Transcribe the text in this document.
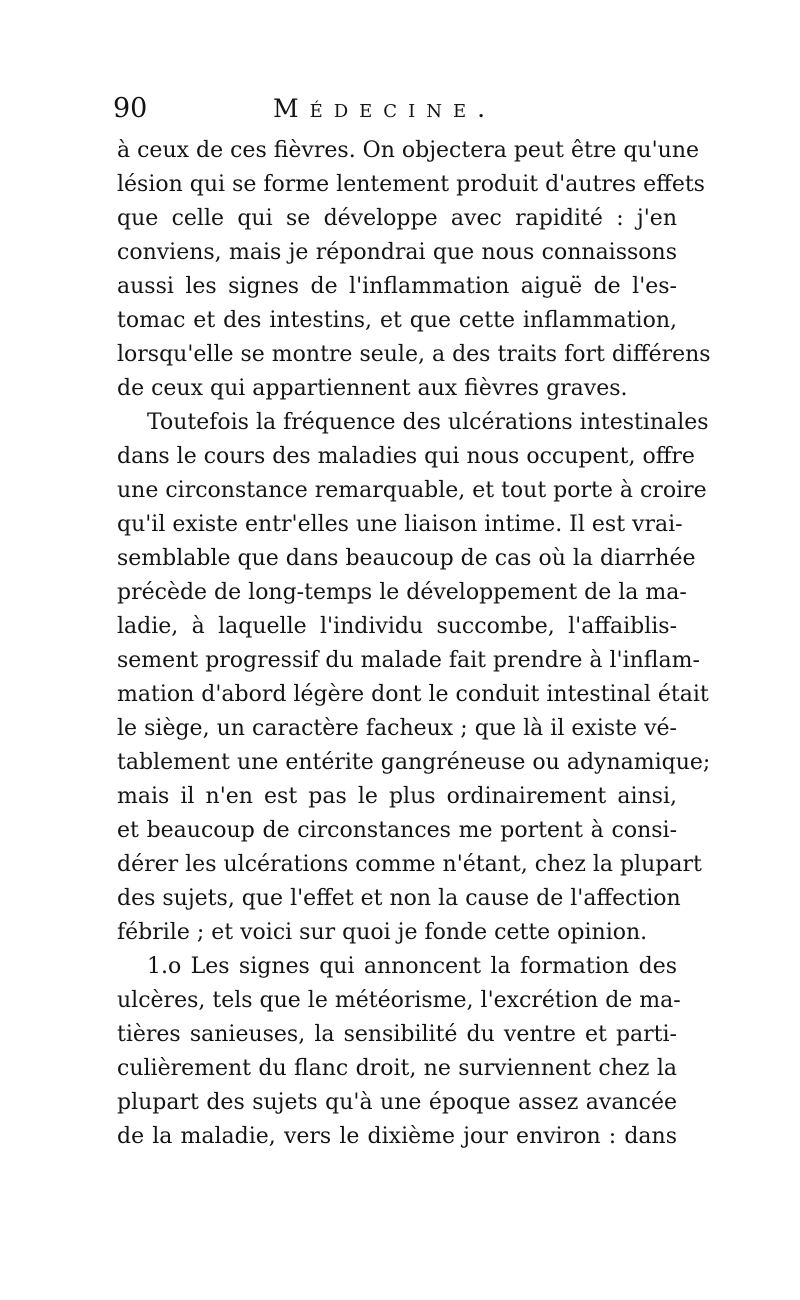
90	Médecine.
à ceux de ces fièvres. On objectera peut être qu'une
lésion qui se forme lentement produit d'autres effets
que celle qui se développe avec rapidité : j'en
conviens, mais je répondrai que nous connaissons
aussi les signes de l'inflammation aiguë de l'es-
tomac et des intestins, et que cette inflammation,
lorsqu'elle se montre seule, a des traits fort différens
de ceux qui appartiennent aux fièvres graves.
Toutefois la fréquence des ulcérations intestinales
dans le cours des maladies qui nous occupent, offre
une circonstance remarquable, et tout porte à croire
qu'il existe entr'elles une liaison intime. Il est vrai-
semblable que dans beaucoup de cas où la diarrhée
précède de long-temps le développement de la ma-
ladie, à laquelle l'individu succombe, l'affaiblis-
sement progressif du malade fait prendre à l'inflam-
mation d'abord légère dont le conduit intestinal était
le siège, un caractère facheux ; que là il existe vé-
tablement une entérite gangréneuse ou adynamique;
mais il n'en est pas le plus ordinairement ainsi,
et beaucoup de circonstances me portent à consi-
dérer les ulcérations comme n'étant, chez la plupart
des sujets, que l'effet et non la cause de l'affection
fébrile ; et voici sur quoi je fonde cette opinion.
1.o Les signes qui annoncent la formation des
ulcères, tels que le météorisme, l'excrétion de ma-
tières sanieuses, la sensibilité du ventre et parti-
culièrement du flanc droit, ne surviennent chez la
plupart des sujets qu'à une époque assez avancée
de la maladie, vers le dixième jour environ : dans
